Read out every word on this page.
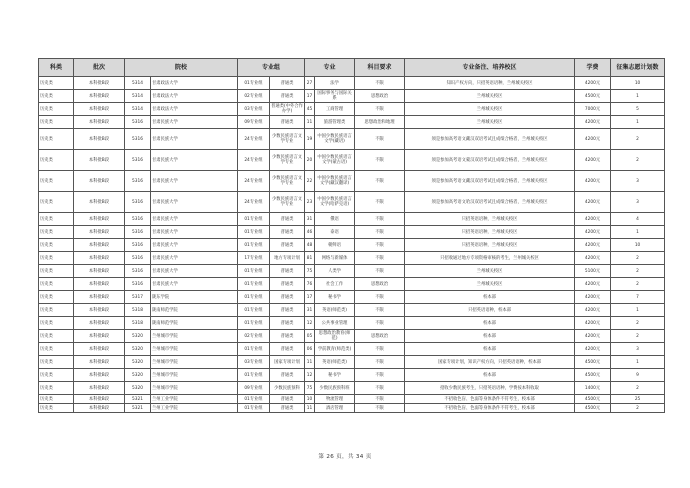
科类	批次	院校		专业组		专业		科目要求	专业备注、培养校区	学费	征集志愿计划数
历史类	本科批B段	5314	甘肃政法大学	01专业组	普通类	27	法学	不限	知识产权方向，只招英语语种，兰州城关校区	4200元	10
历史类	本科批B段	5314	甘肃政法大学	02专业组	普通类	17	国际事务与国际关系	思想政治	兰州城关校区	4500元	1
历史类	本科批B段	5314	甘肃政法大学	03专业组	普通类(中外合作办学)	45	工商管理	不限	兰州城关校区	7000元	5
历史类	本科批B段	5316	甘肃民族大学	09专业组	普通类	11	旅游管理类	思想政治和地理	兰州城关校区	4200元	1
历史类	本科批B段	5316	甘肃民族大学	24专业组	少数民族语言文学专业	19	中国少数民族语言文学(藏语)	不限	须是参加高考语文藏汉双语考试且成绩合格者，兰州城关校区	4200元	2
历史类	本科批B段	5316	甘肃民族大学	24专业组	少数民族语言文学专业	20	中国少数民族语言文学(蒙古语)	不限	须是参加高考语文蒙汉双语考试且成绩合格者，兰州城关校区	4200元	2
历史类	本科批B段	5316	甘肃民族大学	24专业组	少数民族语言文学专业	22	中国少数民族语言文学(藏汉翻译)	不限	须是参加高考语文藏汉双语考试且成绩合格者，兰州城关校区	4200元	3
历史类	本科批B段	5316	甘肃民族大学	24专业组	少数民族语言文学专业	23	中国少数民族语言文学(哈萨克语)	不限	须是参加高考语文哈汉双语考试且成绩合格者，兰州城关校区	4200元	3
历史类	本科批B段	5316	甘肃民族大学	01专业组	普通类	31	俄语	不限	只招英语语种，兰州城关校区	4200元	4
历史类	本科批B段	5316	甘肃民族大学	01专业组	普通类	46	泰语	不限	只招英语语种，兰州城关校区	4200元	1
历史类	本科批B段	5316	甘肃民族大学	01专业组	普通类	48	朝鲜语	不限	只招英语语种，兰州城关校区	4200元	10
历史类	本科批B段	5316	甘肃民族大学	17专业组	地方专项计划	81	网络与新媒体	不限	只招收通过地方专项资格审核的考生，兰州城关校区	4200元	2
历史类	本科批B段	5316	甘肃民族大学	01专业组	普通类	75	人类学	不限	兰州城关校区	5100元	2
历史类	本科批B段	5316	甘肃民族大学	01专业组	普通类	76	社会工作	思想政治	兰州城关校区	4200元	2
历史类	本科批B段	5317	陇东学院	01专业组	普通类	17	秘书学	不限	校本部	4200元	7
历史类	本科批B段	5318	陇南师范学院	01专业组	普通类	31	英语(师范类)	不限	只招英语语种，校本部	4200元	1
历史类	本科批B段	5318	陇南师范学院	01专业组	普通类	12	公共事业管理	不限	校本部	4200元	2
历史类	本科批B段	5320	兰州城市学院	02专业组	普通类	05	思想政治教育(师范)	思想政治	校本部	4200元	2
历史类	本科批B段	5320	兰州城市学院	01专业组	普通类	06	学前教育(师范类)	不限	校本部	4200元	3
历史类	本科批B段	5320	兰州城市学院	03专业组	国家专项计划	11	英语(师范类)	不限	国家专项计划，知识产权方向，只招英语语种，校本部	4500元	1
历史类	本科批B段	5320	兰州城市学院	01专业组	普通类	12	秘书学	不限	校本部	4500元	9
历史类	本科批B段	5320	兰州城市学院	09专业组	少数民族预科	75	少数民族预科班	不限	招收少数民族考生，只招英语语种，学费按本科收取	1400元	2
历史类	本科批B段	5321	兰州工业学院	01专业组	普通类	10	物流管理	不限	不招收色盲、色弱等身体条件不符考生，校本部	4500元	25
历史类	本科批B段	5321	兰州工业学院	01专业组	普通类	11	酒店管理	不限	不招收色盲、色弱等身体条件不符考生，校本部	4500元	2
第 26 页，共 34 页
